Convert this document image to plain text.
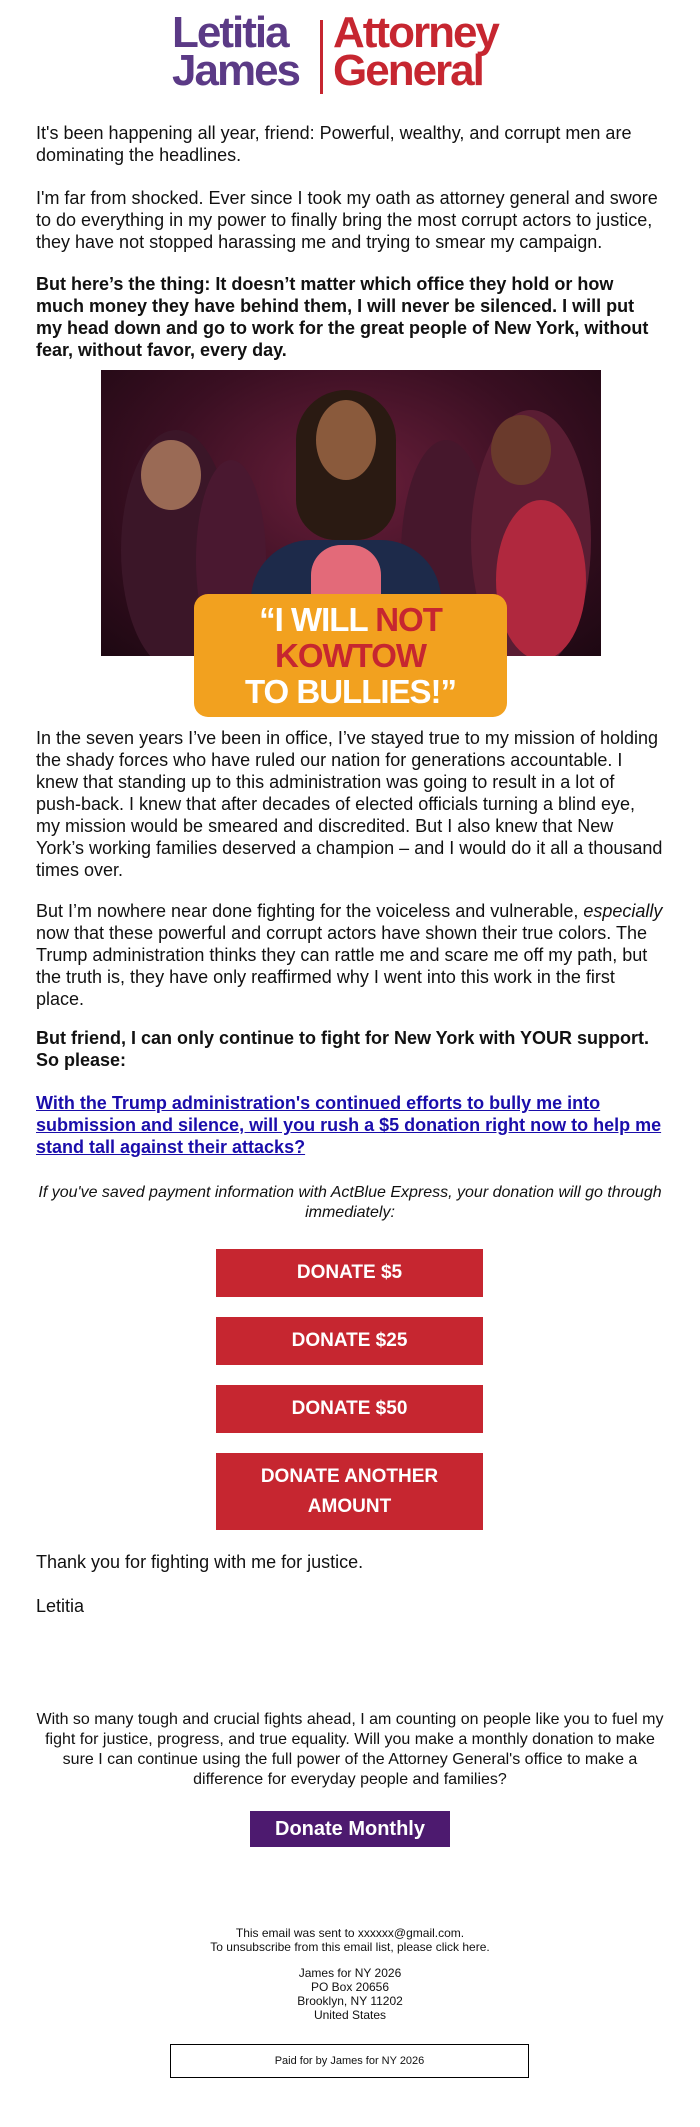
Letitia
James
Attorney
General

It's been happening all year, friend: Powerful, wealthy, and corrupt men are dominating the headlines.

I'm far from shocked. Ever since I took my oath as attorney general and swore to do everything in my power to finally bring the most corrupt actors to justice, they have not stopped harassing me and trying to smear my campaign.

But here’s the thing: It doesn’t matter which office they hold or how much money they have behind them, I will never be silenced. I will put my head down and go to work for the great people of New York, without fear, without favor, every day.

“I WILL NOT
KOWTOW
TO BULLIES!”

In the seven years I’ve been in office, I’ve stayed true to my mission of holding the shady forces who have ruled our nation for generations accountable. I knew that standing up to this administration was going to result in a lot of push-back. I knew that after decades of elected officials turning a blind eye, my mission would be smeared and discredited. But I also knew that New York’s working families deserved a champion – and I would do it all a thousand times over.

But I’m nowhere near done fighting for the voiceless and vulnerable, especially now that these powerful and corrupt actors have shown their true colors. The Trump administration thinks they can rattle me and scare me off my path, but the truth is, they have only reaffirmed why I went into this work in the first place.

But friend, I can only continue to fight for New York with YOUR support. So please:

With the Trump administration's continued efforts to bully me into submission and silence, will you rush a $5 donation right now to help me stand tall against their attacks?

If you've saved payment information with ActBlue Express, your donation will go through immediately:

DONATE $5
DONATE $25
DONATE $50
DONATE ANOTHER AMOUNT

Thank you for fighting with me for justice.

Letitia

With so many tough and crucial fights ahead, I am counting on people like you to fuel my fight for justice, progress, and true equality. Will you make a monthly donation to make sure I can continue using the full power of the Attorney General's office to make a difference for everyday people and families?
Donate Monthly
This email was sent to xxxxxx@gmail.com.
To unsubscribe from this email list, please click here.
James for NY 2026
PO Box 20656
Brooklyn, NY 11202
United States
Paid for by James for NY 2026
